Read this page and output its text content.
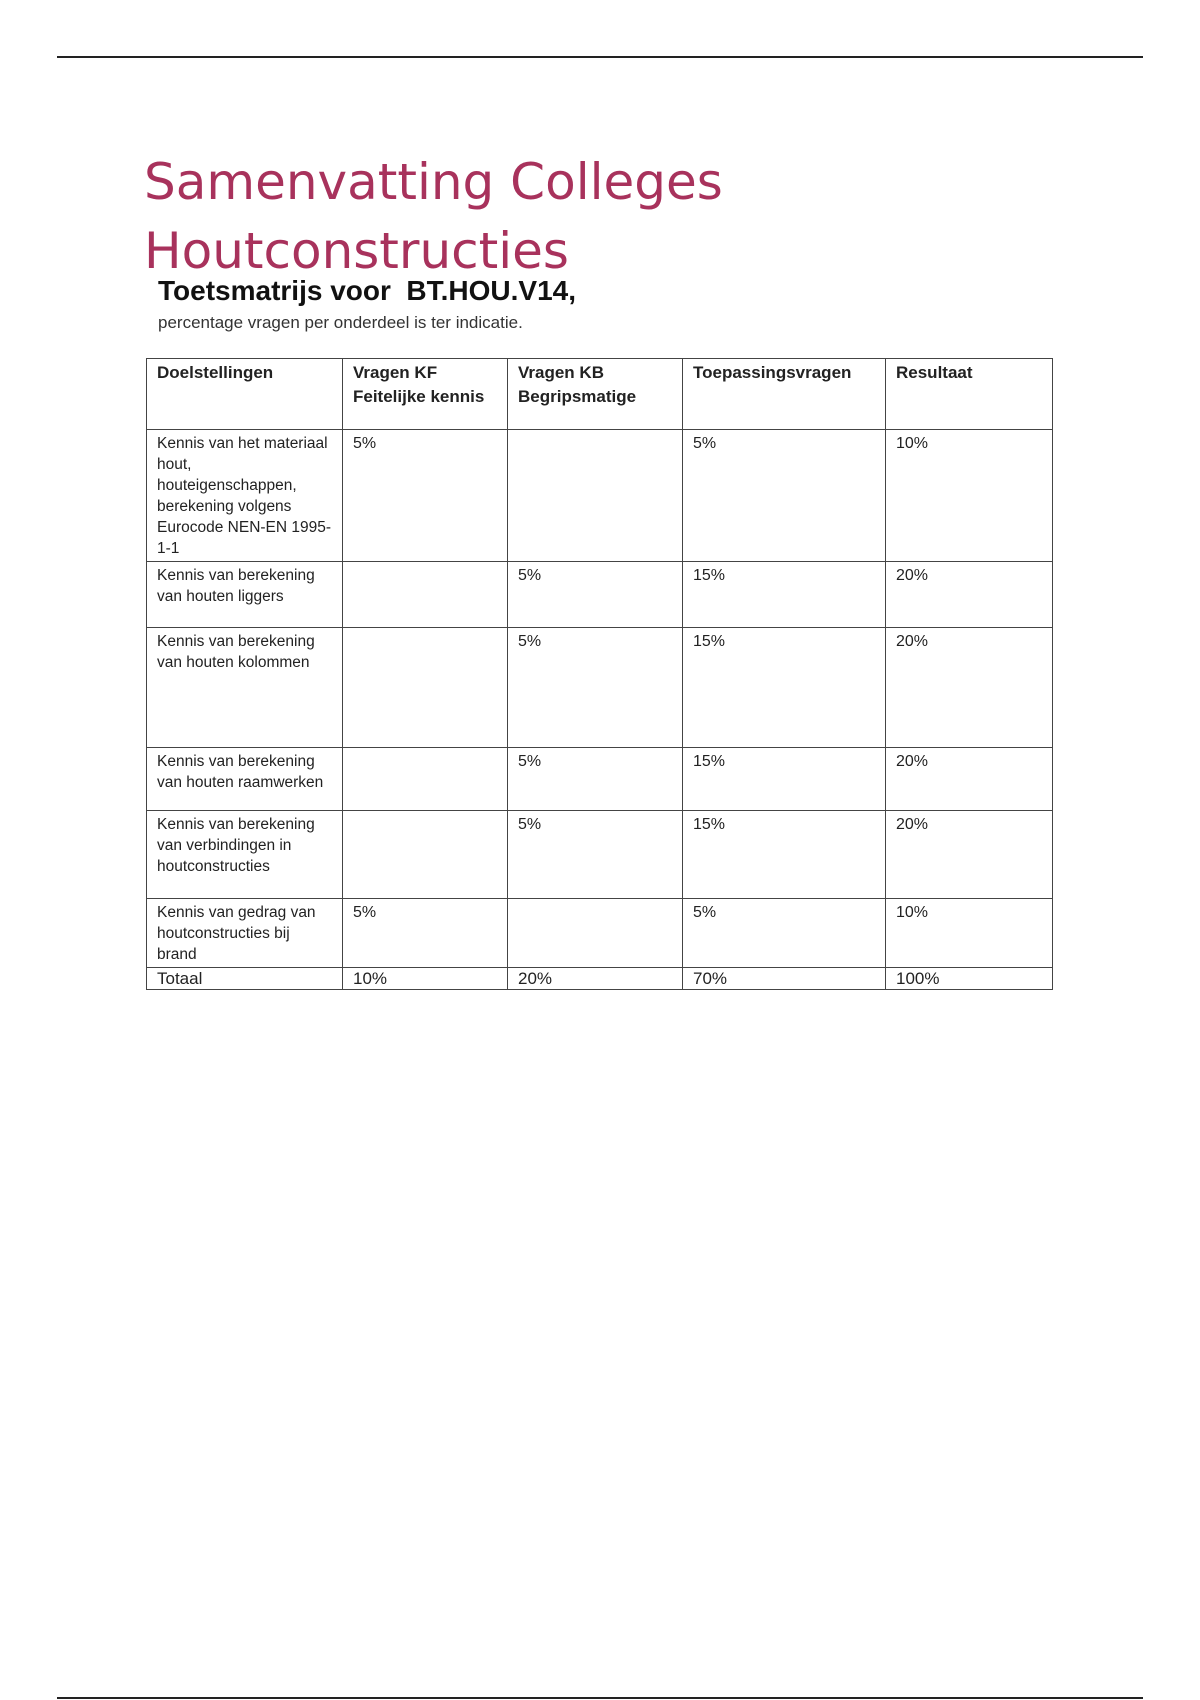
Samenvatting Colleges
Houtconstructies

Toetsmatrijs voor  BT.HOU.V14,

percentage vragen per onderdeel is ter indicatie.

Doelstellingen	Vragen KF Feitelijke kennis	Vragen KB Begripsmatige	Toepassingsvragen	Resultaat
Kennis van het materiaal hout, houteigenschappen, berekening volgens Eurocode NEN-EN 1995-1-1	5%		5%	10%
Kennis van berekening van houten liggers		5%	15%	20%
Kennis van berekening van houten kolommen		5%	15%	20%
Kennis van berekening van houten raamwerken		5%	15%	20%
Kennis van berekening van verbindingen in houtconstructies		5%	15%	20%
Kennis van gedrag van houtconstructies bij brand	5%		5%	10%
Totaal	10%	20%	70%	100%
